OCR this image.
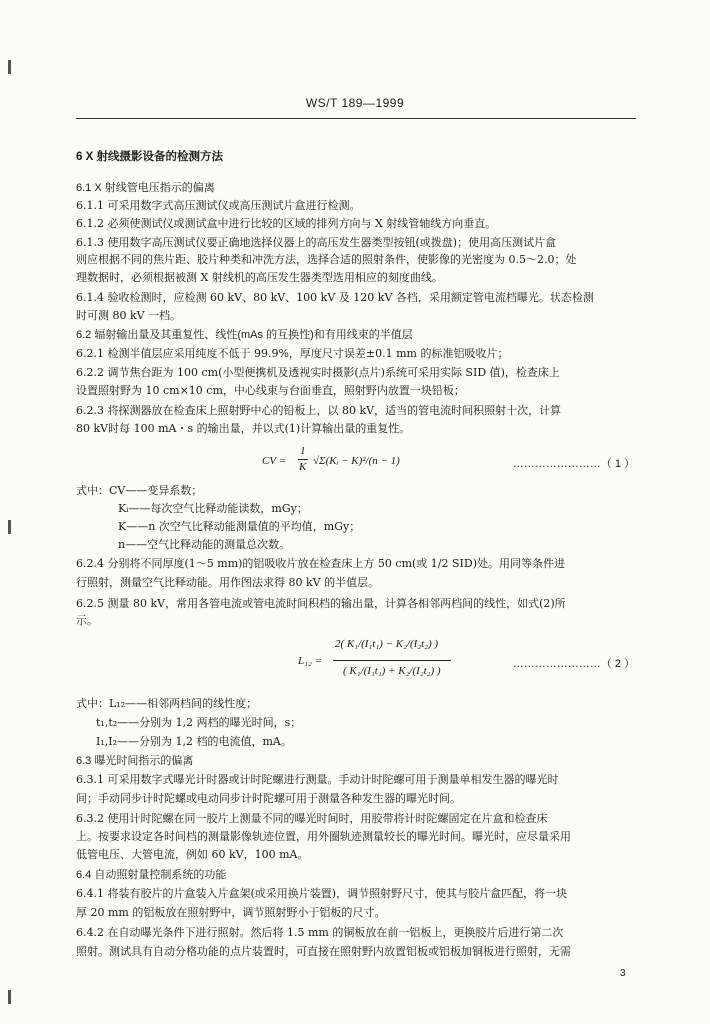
WS/T 189—1999
6 X 射线摄影设备的检测方法
6.1 X 射线管电压指示的偏离
6.1.1 可采用数字式高压测试仪或高压测试片盒进行检测。
6.1.2 必须使测试仪或测试盒中进行比较的区域的排列方向与 X 射线管轴线方向垂直。
6.1.3 使用数字高压测试仪要正确地选择仪器上的高压发生器类型按钮(或拨盘)；使用高压测试片盒
则应根据不同的焦片距、胶片种类和冲洗方法，选择合适的照射条件，使影像的光密度为 0.5～2.0；处
理数据时，必须根据被测 X 射线机的高压发生器类型选用相应的刻度曲线。
6.1.4 验收检测时，应检测 60 kV、80 kV、100 kV 及 120 kV 各档，采用额定管电流档曝光。状态检测
时可测 80 kV 一档。
6.2 辐射输出量及其重复性、线性(mAs 的互换性)和有用线束的半值层
6.2.1 检测半值层应采用纯度不低于 99.9%，厚度尺寸误差±0.1 mm 的标准铝吸收片；
6.2.2 调节焦台距为 100 cm(小型便携机及透视实时摄影(点片)系统可采用实际 SID 值)，检查床上
设置照射野为 10 cm×10 cm，中心线束与台面垂直，照射野内放置一块铅板；
6.2.3 将探测器放在检查床上照射野中心的铅板上，以 80 kV，适当的管电流时间积照射十次，计算
80 kV时每 100 mA・s 的输出量，并以式(1)计算输出量的重复性。
CV =
1
K √Σ(Kᵢ − K)²/(n − 1)	……………………（ 1 ）
式中：CV——变异系数；
Kᵢ——每次空气比释动能读数，mGy；
K——n 次空气比释动能测量值的平均值，mGy；
n——空气比释动能的测量总次数。
6.2.4 分别将不同厚度(1～5 mm)的铝吸收片放在检查床上方 50 cm(或 1/2 SID)处。用同等条件进
行照射，测量空气比释动能。用作图法求得 80 kV 的半值层。
6.2.5 测量 80 kV，常用各管电流或管电流时间积档的输出量，计算各相邻两档间的线性，如式(2)所
示。
L₁₂ =
2( K₁/(I₁t₁) − K₂/(I₂t₂) )
( K₁/(I₁t₁) + K₂/(I₂t₂) )
……………………（ 2 ）
式中：L₁₂——相邻两档间的线性度；
t₁,t₂——分别为 1,2 两档的曝光时间，s；
I₁,I₂——分别为 1,2 档的电流值，mA。
6.3 曝光时间指示的偏离
6.3.1 可采用数字式曝光计时器或计时陀螺进行测量。手动计时陀螺可用于测量单相发生器的曝光时
间；手动同步计时陀螺或电动同步计时陀螺可用于测量各种发生器的曝光时间。
6.3.2 使用计时陀螺在同一胶片上测量不同的曝光时间时，用胶带将计时陀螺固定在片盒和检查床
上。按要求设定各时间档的测量影像轨迹位置，用外圈轨迹测量较长的曝光时间。曝光时，应尽量采用
低管电压、大管电流，例如 60 kV，100 mA。
6.4 自动照射量控制系统的功能
6.4.1 将装有胶片的片盒装入片盒架(或采用换片装置)，调节照射野尺寸，使其与胶片盒匹配，将一块
厚 20 mm 的铝板放在照射野中，调节照射野小于铝板的尺寸。
6.4.2 在自动曝光条件下进行照射。然后将 1.5 mm 的铜板放在前一铝板上，更换胶片后进行第二次
照射。测试具有自动分格功能的点片装置时，可直接在照射野内放置铝板或铝板加铜板进行照射，无需
3
